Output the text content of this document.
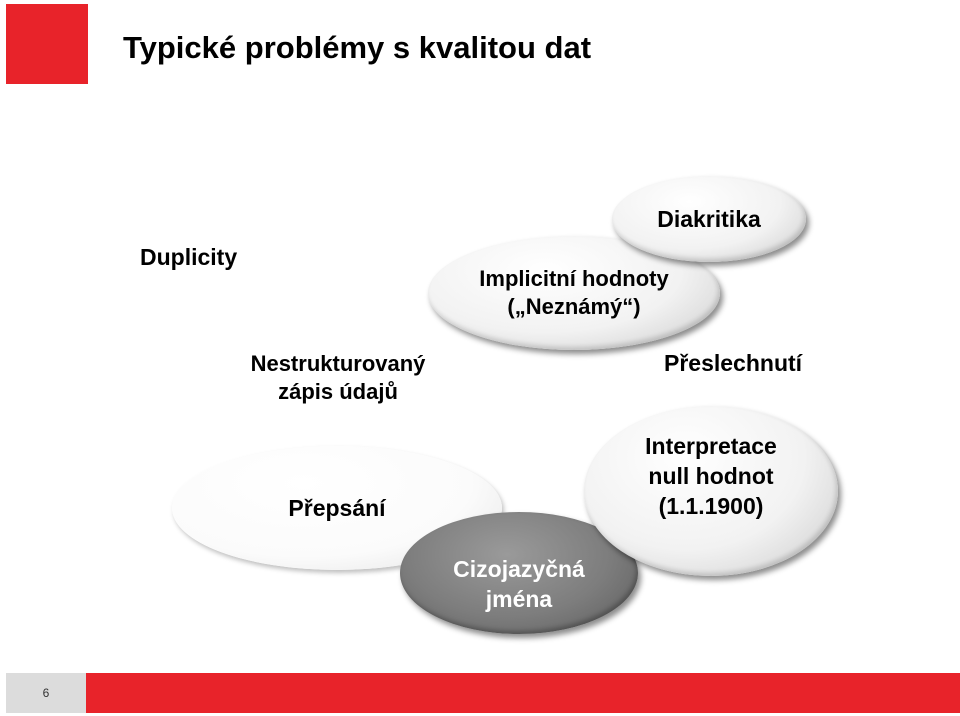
Typické problémy s kvalitou dat
Duplicity
Nestrukturovaný
zápis údajů
Implicitní hodnoty
(„Neznámý“)
Diakritika
Přeslechnutí
Přepsání
Cizojazyčná
jména
Interpretace
null hodnot
(1.1.1900)
6
